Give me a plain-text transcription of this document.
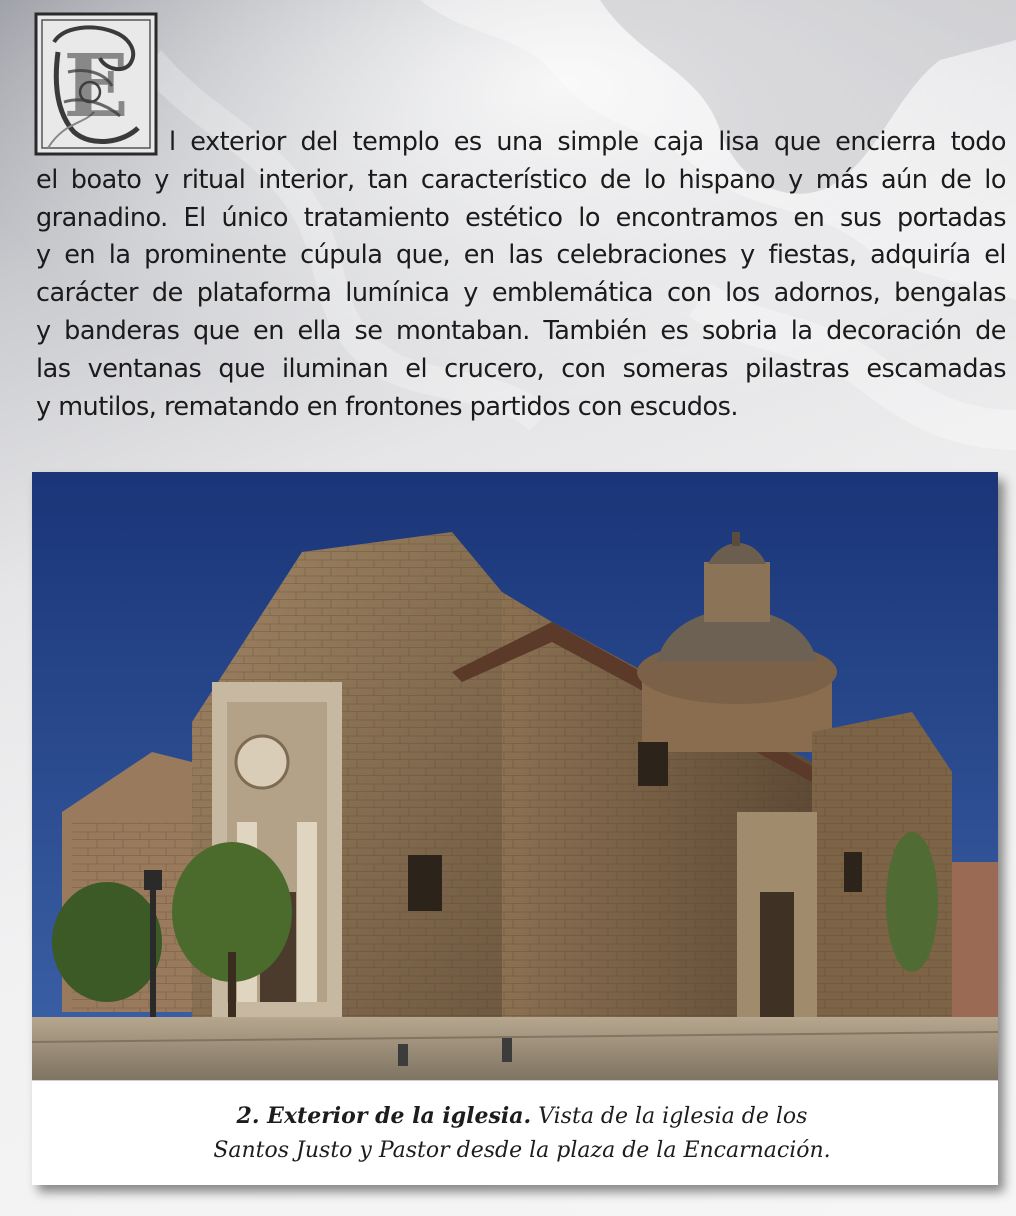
E
l exterior del templo es una simple caja lisa que encierra todo
el boato y ritual interior, tan característico de lo hispano y más aún de lo
granadino. El único tratamiento estético lo encontramos en sus portadas
y en la prominente cúpula que, en las celebraciones y fiestas, adquiría el
carácter de plataforma lumínica y emblemática con los adornos, bengalas
y banderas que en ella se montaban. También es sobria la decoración de
las ventanas que iluminan el crucero, con someras pilastras escamadas
y mutilos, rematando en frontones partidos con escudos.
2. Exterior de la iglesia. Vista de la iglesia de los
Santos Justo y Pastor desde la plaza de la Encarnación.
